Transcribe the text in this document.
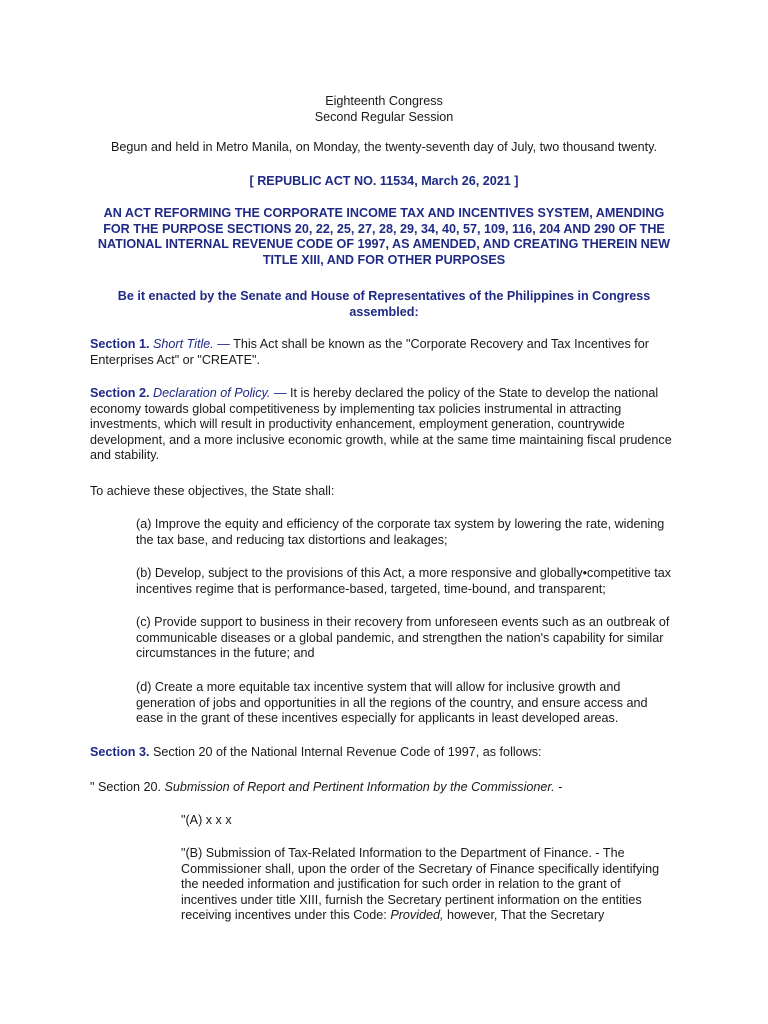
Eighteenth Congress

Second Regular Session

Begun and held in Metro Manila, on Monday, the twenty-seventh day of July, two thousand twenty.

[ REPUBLIC ACT NO. 11534, March 26, 2021 ]

AN ACT REFORMING THE CORPORATE INCOME TAX AND INCENTIVES SYSTEM, AMENDING FOR THE PURPOSE SECTIONS 20, 22, 25, 27, 28, 29, 34, 40, 57, 109, 116, 204 AND 290 OF THE NATIONAL INTERNAL REVENUE CODE OF 1997, AS AMENDED, AND CREATING THEREIN NEW TITLE XIII, AND FOR OTHER PURPOSES

Be it enacted by the Senate and House of Representatives of the Philippines in Congress assembled:

Section 1. Short Title. — This Act shall be known as the "Corporate Recovery and Tax Incentives for Enterprises Act" or "CREATE".

Section 2. Declaration of Policy. — It is hereby declared the policy of the State to develop the national economy towards global competitiveness by implementing tax policies instrumental in attracting investments, which will result in productivity enhancement, employment generation, countrywide development, and a more inclusive economic growth, while at the same time maintaining fiscal prudence and stability.

To achieve these objectives, the State shall:

(a) Improve the equity and efficiency of the corporate tax system by lowering the rate, widening the tax base, and reducing tax distortions and leakages;

(b) Develop, subject to the provisions of this Act, a more responsive and globally•competitive tax incentives regime that is performance-based, targeted, time-bound, and transparent;

(c) Provide support to business in their recovery from unforeseen events such as an outbreak of communicable diseases or a global pandemic, and strengthen the nation's capability for similar circumstances in the future; and

(d) Create a more equitable tax incentive system that will allow for inclusive growth and generation of jobs and opportunities in all the regions of the country, and ensure access and ease in the grant of these incentives especially for applicants in least developed areas.

Section 3. Section 20 of the National Internal Revenue Code of 1997, as follows:

" Section 20. Submission of Report and Pertinent Information by the Commissioner. -

"(A) x x x

"(B) Submission of Tax-Related Information to the Department of Finance. - The Commissioner shall, upon the order of the Secretary of Finance specifically identifying the needed information and justification for such order in relation to the grant of incentives under title XIII, furnish the Secretary pertinent information on the entities receiving incentives under this Code: Provided, however, That the Secretary
